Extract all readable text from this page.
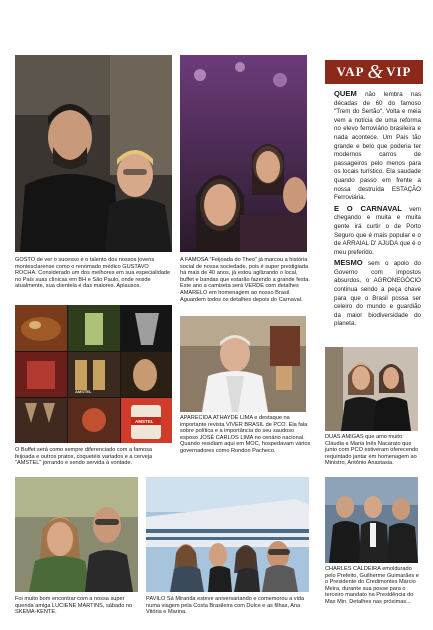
VAP & VIP

QUEM não lembra nas décadas de 60 do famoso "Trem do Sertão". Volta e meia vem a notícia de uma reforma no elevo ferroviário brasileira e nada acontece. Um País tão grande e belo que poderia ter modernos carros de passageiros pelo menos para os locais turístico. Ela saudade quando passo em frente a nossa destruída ESTAÇÃO Ferroviária.

E O CARNAVAL vem chegando e muita e muita gente irá curtir o de Porto Seguro que é mais popular e o de ARRAIAL D' AJUDA que é o meu preferido.

MESMO sem o apoio do Governo com impostos absurdos, o AGRONEGÓCIO continua sendo a peça chave para que o Brasil possa ser celeiro do mundo e guardião da maior biodiversidade do planeta.

GOSTO de ver o sucesso e o talento dos nossos jovens montesclarense como o renomado médico GUSTAVO ROCHA. Considerado um dos melhores em sua especialidade no País suas clínicas em BH e São Paulo, onde reside atualmente, sua clientela é das maiores. Aplausos.
A FAMOSA "Feijoada do Theo" já marcou a história social de nossa sociedade, pois é super prestigiada há mais de 40 anos, já estou agilizando o local, buffet e bandas que estarão fazendo a grande festa. Este ano a camiseta será VERDE com detalhes AMARELO em homenagem ao nosso Brasil. Aguardem todos os detalhes depois do Carnaval.
AMSTEL
AMSTEL
O Buffet será como sempre diferenciado com a famosa feijoada e outros pratos, coquetéis variados e a cerveja "AMSTEL" jorrando e sendo servida à vontade.
APARECIDA ATHAYDE LIMA e destaque na importante revista VIVER BRASIL de PCO. Ela fala sobre política e a importância do seu saudoso esposo JOSÉ CARLOS LIMA no cenário nacional. Quando residiam aqui em MOC, hospedavam vários governadores como Rondon Pacheco.
DUAS AMIGAS que amo muito: Cláudia e Maria Inês Nacarato que junto com PCO estiveram oferecendo requintado jantar em homenagem ao Ministro, Antônio Anastasia.
Foi muito bom encontrar com a nossa super querida amiga LUCIENE MARTINS, sábado no SKEMA-KENTE.
PAVILO Sá Miranda esteve aniversariando e comemorou a vida numa viagem pela Costa Brasileira com Dulce e as filhas, Ana Vitória e Marina.
CHARLES CALDEIRA emoldurado pelo Prefeito, Guilherme Guimarães e o Presidente do Credimontes Márcio Meira, durante sua posse para o terceiro mandato na Presidência do Max Min. Detalhes nas próximas...
